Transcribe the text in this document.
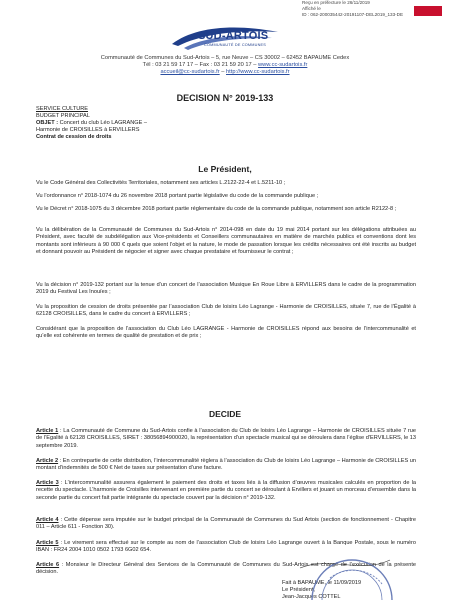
Reçu en préfecture le 26/11/2019
Affiché le
ID : 062-200035442-20191107-DEL2019_133-DE
SUD-ARTOIS
COMMUNAUTÉ DE COMMUNES
Communauté de Communes du Sud-Artois – 5, rue Neuve – CS 30002 – 62452 BAPAUME Cedex
Tél : 03 21 59 17 17 – Fax : 03 21 59 20 17 – www.cc-sudartois.fr
accueil@cc-sudartois.fr – http://www.cc-sudartois.fr
DECISION N° 2019-133
SERVICE CULTURE
BUDGET PRINCIPAL
OBJET : Concert du club Léo LAGRANGE –
Harmonie de CROISILLES à ERVILLERS
Contrat de cession de droits
Le Président,
Vu le Code Général des Collectivités Territoriales, notamment ses articles L.2122-22-4 et L.5211-10 ;
Vu l’ordonnance n° 2018-1074 du 26 novembre 2018 portant partie législative du code de la commande publique ;
Vu le Décret n° 2018-1075 du 3 décembre 2018 portant partie réglementaire du code de la commande publique, notamment son article R2122-8 ;
Vu la délibération de la Communauté de Communes du Sud-Artois n° 2014-098 en date du 19 mai 2014 portant sur les délégations attribuées au Président, avec faculté de subdélégation aux Vice-présidents et Conseillers communautaires en matière de marchés publics et conventions dont les montants sont inférieurs à 90 000 € quels que soient l’objet et la nature, le mode de passation lorsque les crédits nécessaires ont été inscrits au budget et donnant pouvoir au Président de négocier et signer avec chaque prestataire et fournisseur le contrat ;
Vu la décision n° 2019-132 portant sur la tenue d’un concert de l’association Musique En Roue Libre à ERVILLERS dans le cadre de la programmation 2019 du Festival Les Inouïes ;
Vu la proposition de cession de droits présentée par l’association Club de loisirs Léo Lagrange - Harmonie de CROISILLES, située 7, rue de l’Égalité à 62128 CROISILLES, dans le cadre du concert à ERVILLERS ;
Considérant que la proposition de l’association du Club Léo LAGRANGE - Harmonie de CROISILLES répond aux besoins de l’intercommunalité et qu’elle est cohérente en termes de qualité de prestation et de prix ;
DECIDE
Article 1 : La Communauté de Commune du Sud-Artois confie à l’association du Club de loisirs Léo Lagrange – Harmonie de CROISILLES située 7 rue de l’Egalité à 62128 CROISILLES, SIRET : 38056894900020, la représentation d’un spectacle musical qui se déroulera dans l’église d’ERVILLERS, le 13 septembre 2019.
Article 2 : En contrepartie de cette distribution, l’intercommunalité règlera à l’association du Club de loisirs Léo Lagrange – Harmonie de CROISILLES un montant d’indemnités de 500 € Net de taxes sur présentation d’une facture.
Article 3 : L’intercommunalité assurera également le paiement des droits et taxes liés à la diffusion d’œuvres musicales calculés en proportion de la recette du spectacle. L’harmonie de Croisilles intervenant en première partie du concert se déroulant à Ervillers et jouant un morceau d’ensemble dans la seconde partie du concert fait partie intégrante du spectacle couvert par la décision n° 2019-132.
Article 4 : Cette dépense sera imputée sur le budget principal de la Communauté de Communes du Sud Artois (section de fonctionnement - Chapitre 011 – Article 611 - Fonction 30).
Article 5 : Le virement sera effectué sur le compte au nom de l’association Club de loisirs Léo Lagrange ouvert à la Banque Postale, sous le numéro IBAN : FR24 2004 1010 0502 1793 6G02 654.
Article 6 : Monsieur le Directeur Général des Services de la Communauté de Communes du Sud-Artois est chargé de l’exécution de la présente décision.
Fait à BAPAUME, le 11/09/2019
Le Président,
Jean-Jacques COTTEL
